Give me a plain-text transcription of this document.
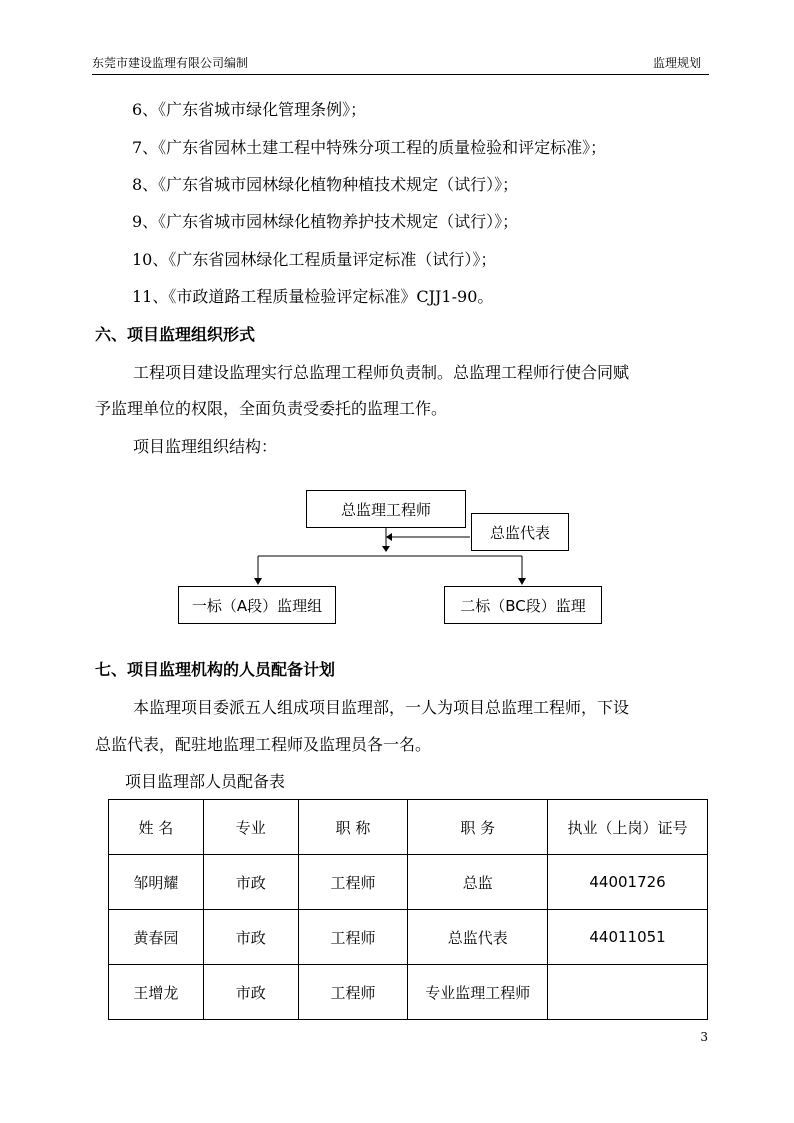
东莞市建设监理有限公司编制	监理规划
6、《广东省城市绿化管理条例》；
7、《广东省园林土建工程中特殊分项工程的质量检验和评定标准》；
8、《广东省城市园林绿化植物种植技术规定（试行）》；
9、《广东省城市园林绿化植物养护技术规定（试行）》；
10、《广东省园林绿化工程质量评定标准（试行）》；
11、《市政道路工程质量检验评定标准》CJJ1-90。
六、项目监理组织形式
工程项目建设监理实行总监理工程师负责制。总监理工程师行使合同赋
予监理单位的权限，全面负责受委托的监理工作。
项目监理组织结构：
总监理工程师
总监代表
一标（A段）监理组	二标（BC段）监理
七、项目监理机构的人员配备计划
本监理项目委派五人组成项目监理部，一人为项目总监理工程师，下设
总监代表，配驻地监理工程师及监理员各一名。
项目监理部人员配备表
姓 名	专业	职 称	职 务	执业（上岗）证号
邹明耀	市政	工程师	总监	44001726
黄春园	市政	工程师	总监代表	44011051
王增龙	市政	工程师	专业监理工程师	
3
